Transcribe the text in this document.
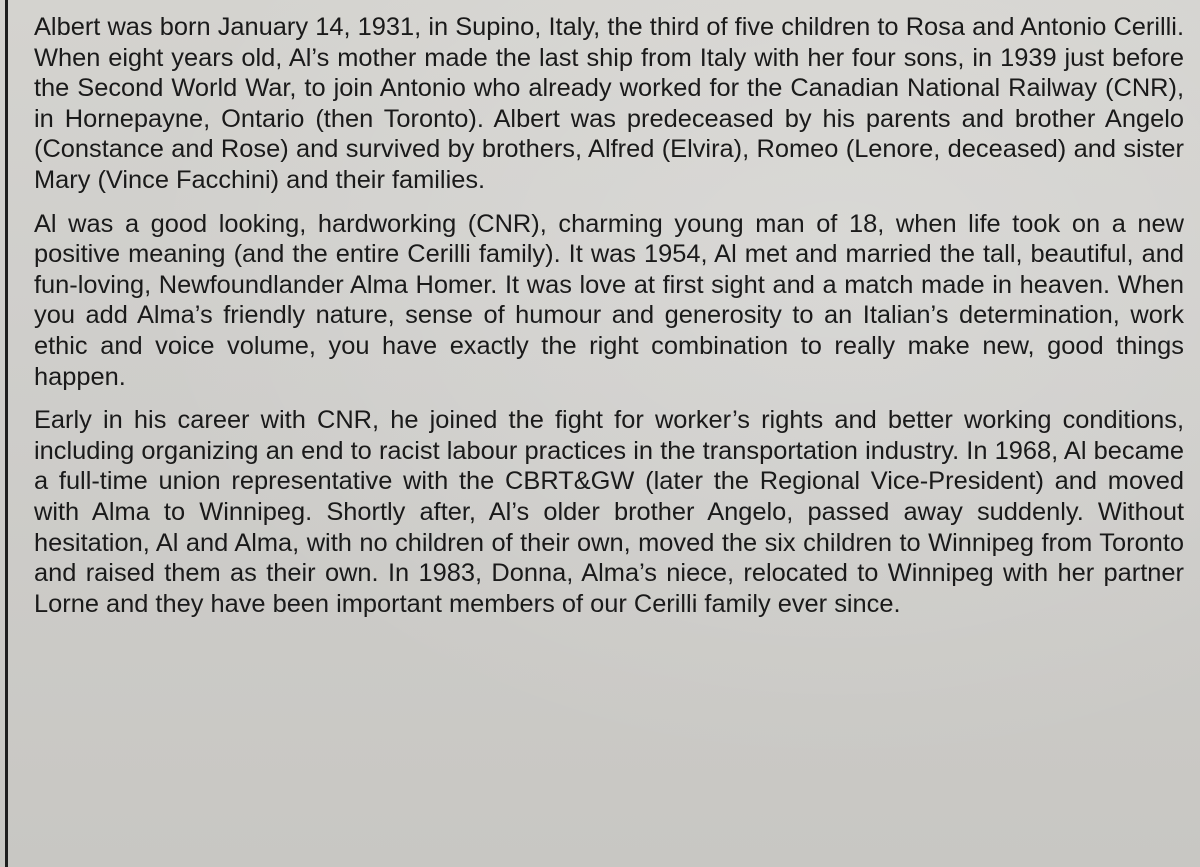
Albert was born January 14, 1931, in Supino, Italy, the third of five children to Rosa and Antonio Cerilli. When eight years old, Al’s mother made the last ship from Italy with her four sons, in 1939 just before the Second World War, to join Antonio who already worked for the Canadian National Railway (CNR), in Hornepayne, Ontario (then Toronto). Albert was predeceased by his parents and brother Angelo (Constance and Rose) and survived by brothers, Alfred (Elvira), Romeo (Lenore, deceased) and sister Mary (Vince Facchini) and their families.

Al was a good looking, hardworking (CNR), charming young man of 18, when life took on a new positive meaning (and the entire Cerilli family). It was 1954, Al met and married the tall, beautiful, and fun-loving, Newfoundlander Alma Homer. It was love at first sight and a match made in heaven. When you add Alma’s friendly nature, sense of humour and generosity to an Italian’s determination, work ethic and voice volume, you have exactly the right combination to really make new, good things happen.

Early in his career with CNR, he joined the fight for worker’s rights and better working conditions, including organizing an end to racist labour practices in the transportation industry. In 1968, Al became a full-time union representative with the CBRT&GW (later the Regional Vice-President) and moved with Alma to Winnipeg. Shortly after, Al’s older brother Angelo, passed away suddenly. Without hesitation, Al and Alma, with no children of their own, moved the six children to Winnipeg from Toronto and raised them as their own. In 1983, Donna, Alma’s niece, relocated to Winnipeg with her partner Lorne and they have been important members of our Cerilli family ever since.
